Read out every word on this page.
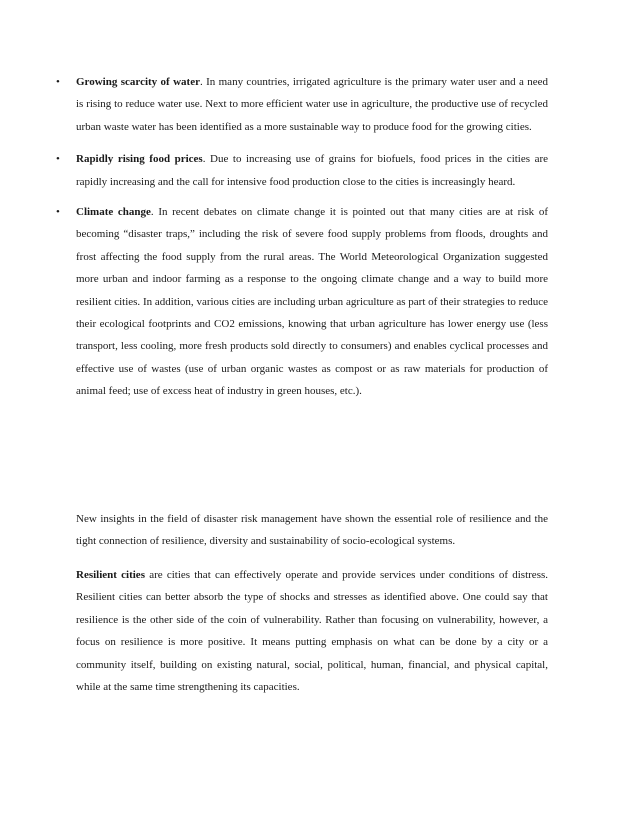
• Growing scarcity of water. In many countries, irrigated agriculture is the primary water user and a need is rising to reduce water use. Next to more efficient water use in agriculture, the productive use of recycled urban waste water has been identified as a more sustainable way to produce food for the growing cities.
• Rapidly rising food prices. Due to increasing use of grains for biofuels, food prices in the cities are rapidly increasing and the call for intensive food production close to the cities is increasingly heard.
• Climate change. In recent debates on climate change it is pointed out that many cities are at risk of becoming “disaster traps,” including the risk of severe food supply problems from floods, droughts and frost affecting the food supply from the rural areas. The World Meteorological Organization suggested more urban and indoor farming as a response to the ongoing climate change and a way to build more resilient cities. In addition, various cities are including urban agriculture as part of their strategies to reduce their ecological footprints and CO2 emissions, knowing that urban agriculture has lower energy use (less transport, less cooling, more fresh products sold directly to consumers) and enables cyclical processes and effective use of wastes (use of urban organic wastes as compost or as raw materials for production of animal feed; use of excess heat of industry in green houses, etc.).

New insights in the field of disaster risk management have shown the essential role of resilience and the tight connection of resilience, diversity and sustainability of socio-ecological systems.

Resilient cities are cities that can effectively operate and provide services under conditions of distress. Resilient cities can better absorb the type of shocks and stresses as identified above. One could say that resilience is the other side of the coin of vulnerability. Rather than focusing on vulnerability, however, a focus on resilience is more positive. It means putting emphasis on what can be done by a city or a community itself, building on existing natural, social, political, human, financial, and physical capital, while at the same time strengthening its capacities.
